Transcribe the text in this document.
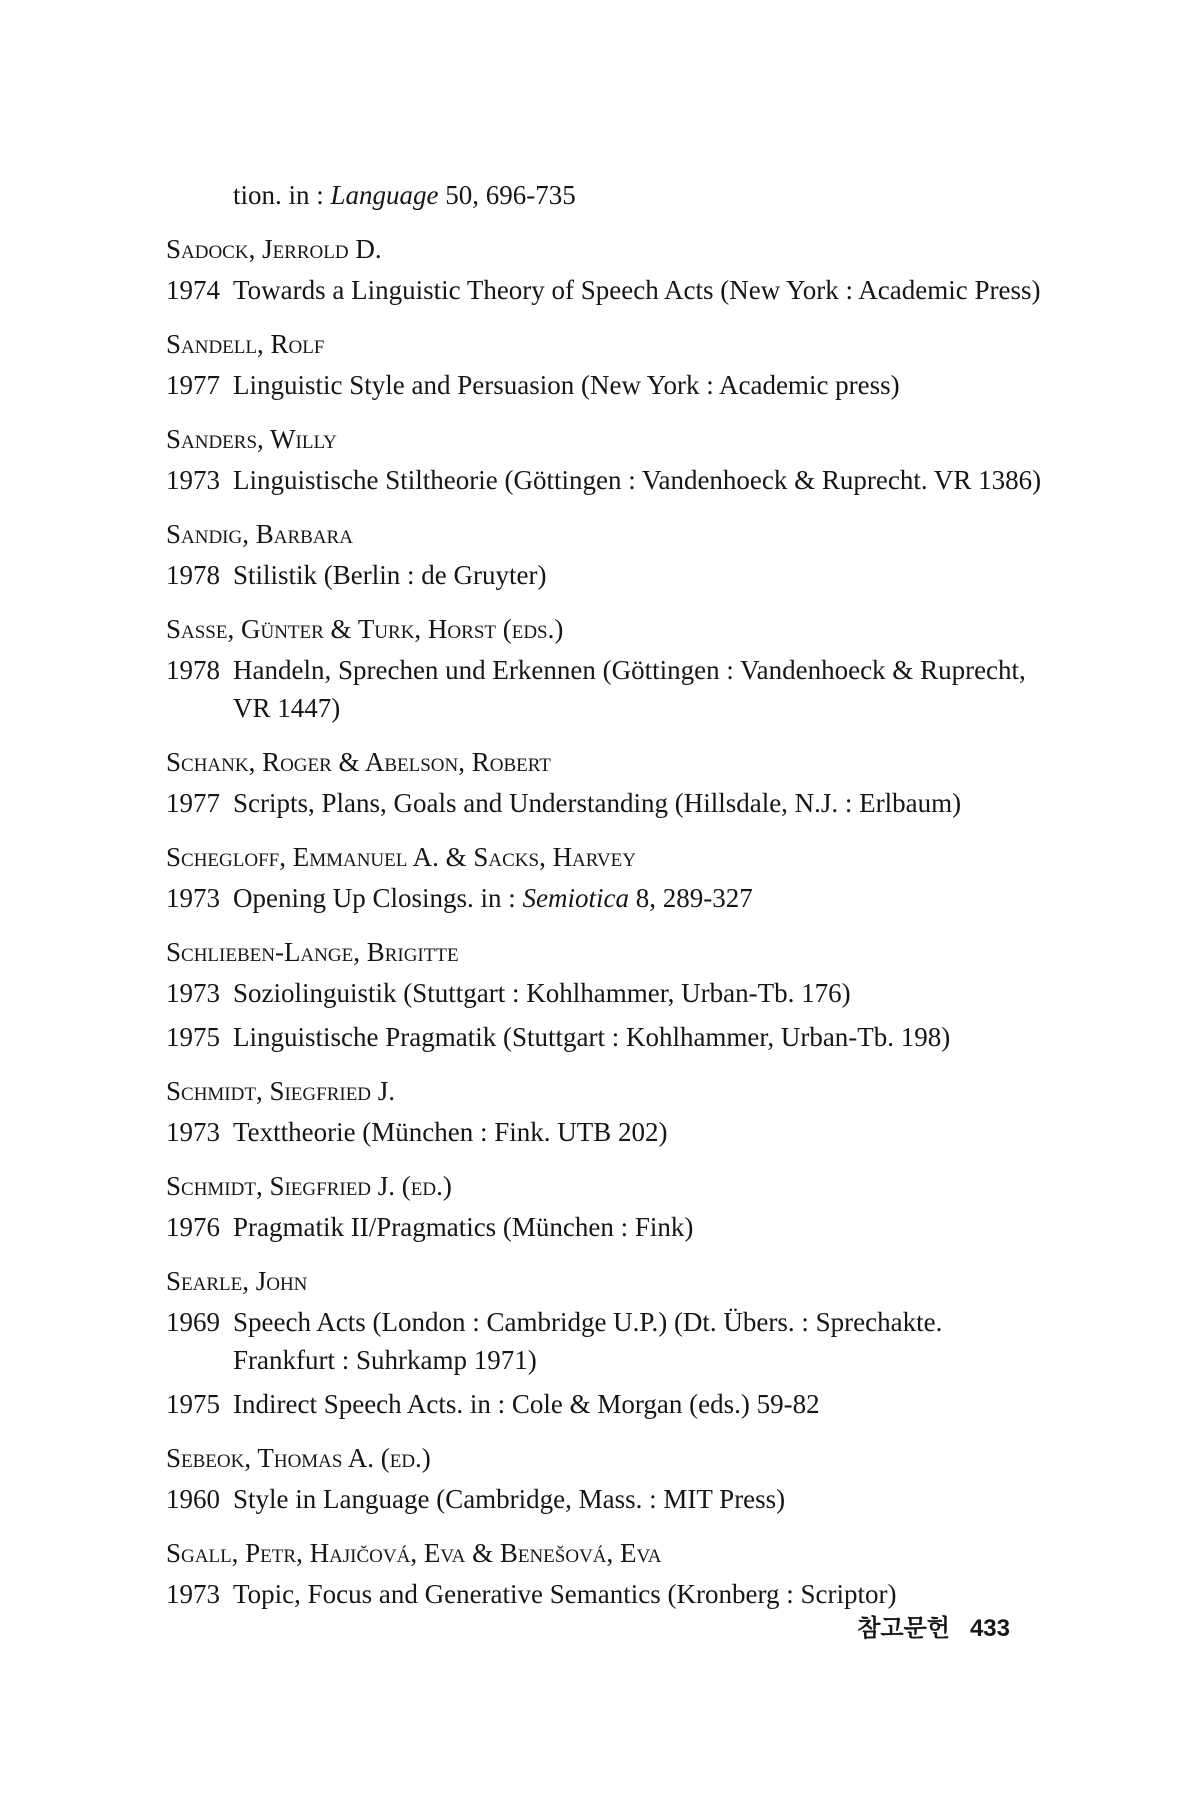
tion. in : Language 50, 696-735
Sadock, Jerrold D.
1974 Towards a Linguistic Theory of Speech Acts (New York : Academic Press)
Sandell, Rolf
1977 Linguistic Style and Persuasion (New York : Academic press)
Sanders, Willy
1973 Linguistische Stiltheorie (Göttingen : Vandenhoeck & Ruprecht. VR 1386)
Sandig, Barbara
1978 Stilistik (Berlin : de Gruyter)
Sasse, Günter & Turk, Horst (eds.)
1978 Handeln, Sprechen und Erkennen (Göttingen : Vandenhoeck & Ruprecht, VR 1447)
Schank, Roger & Abelson, Robert
1977 Scripts, Plans, Goals and Understanding (Hillsdale, N.J. : Erlbaum)
Schegloff, Emmanuel A. & Sacks, Harvey
1973 Opening Up Closings. in : Semiotica 8, 289-327
Schlieben-Lange, Brigitte
1973 Soziolinguistik (Stuttgart : Kohlhammer, Urban-Tb. 176)
1975 Linguistische Pragmatik (Stuttgart : Kohlhammer, Urban-Tb. 198)
Schmidt, Siegfried J.
1973 Texttheorie (München : Fink. UTB 202)
Schmidt, Siegfried J. (ed.)
1976 Pragmatik II/Pragmatics (München : Fink)
Searle, John
1969 Speech Acts (London : Cambridge U.P.) (Dt. Übers. : Sprechakte. Frankfurt : Suhrkamp 1971)
1975 Indirect Speech Acts. in : Cole & Morgan (eds.) 59-82
Sebeok, Thomas A. (ed.)
1960 Style in Language (Cambridge, Mass. : MIT Press)
Sgall, Petr, Hajičová, Eva & Benešová, Eva
1973 Topic, Focus and Generative Semantics (Kronberg : Scriptor)
참고문헌 433
